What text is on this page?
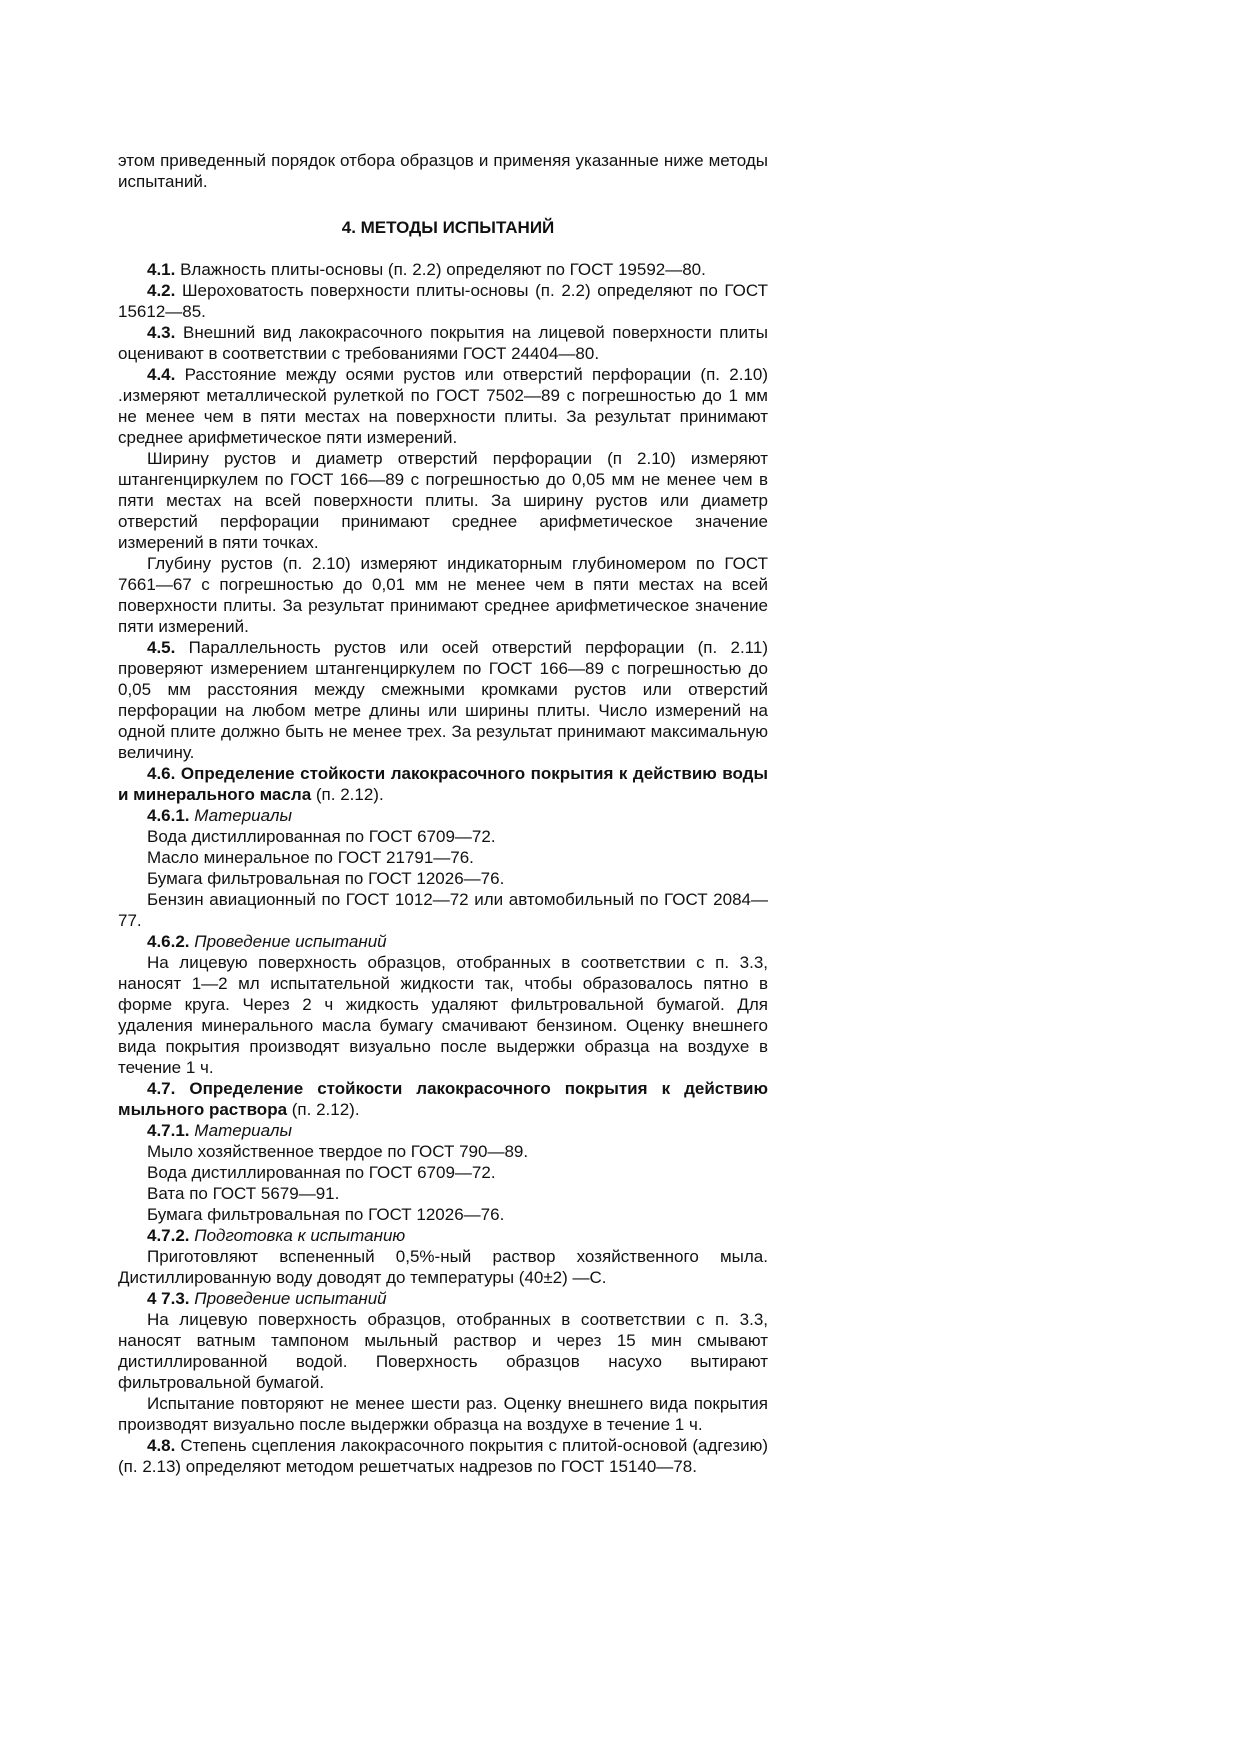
этом приведенный порядок отбора образцов и применяя указанные ниже методы испытаний.

4. МЕТОДЫ ИСПЫТАНИЙ

4.1. Влажность плиты-основы (п. 2.2) определяют по ГОСТ 19592—80.

4.2. Шероховатость поверхности плиты-основы (п. 2.2) определяют по ГОСТ 15612—85.

4.3. Внешний вид лакокрасочного покрытия на лицевой поверхности плиты оценивают в соответствии с требованиями ГОСТ 24404—80.

4.4. Расстояние между осями рустов или отверстий перфорации (п. 2.10) .измеряют металлической рулеткой по ГОСТ 7502—89 с погрешностью до 1 мм не менее чем в пяти местах на поверхности плиты. За результат принимают среднее арифметическое пяти измерений.

Ширину рустов и диаметр отверстий перфорации (п 2.10) измеряют штангенциркулем по ГОСТ 166—89 с погрешностью до 0,05 мм не менее чем в пяти местах на всей поверхности плиты. За ширину рустов или диаметр отверстий перфорации принимают среднее арифметическое значение измерений в пяти точках.

Глубину рустов (п. 2.10) измеряют индикаторным глубиномером по ГОСТ 7661—67 с погрешностью до 0,01 мм не менее чем в пяти местах на всей поверхности плиты. За результат принимают среднее арифметическое значение пяти измерений.

4.5. Параллельность рустов или осей отверстий перфорации (п. 2.11) проверяют измерением штангенциркулем по ГОСТ 166—89 с погрешностью до 0,05 мм расстояния между смежными кромками рустов или отверстий перфорации на любом метре длины или ширины плиты. Число измерений на одной плите должно быть не менее трех. За результат принимают максимальную величину.

4.6. Определение стойкости лакокрасочного покрытия к действию воды и минерального масла (п. 2.12).

4.6.1. Материалы

Вода дистиллированная по ГОСТ 6709—72.

Масло минеральное по ГОСТ 21791—76.

Бумага фильтровальная по ГОСТ 12026—76.

Бензин авиационный по ГОСТ 1012—72 или автомобильный по ГОСТ 2084—77.

4.6.2. Проведение испытаний

На лицевую поверхность образцов, отобранных в соответствии с п. 3.3, наносят 1—2 мл испытательной жидкости так, чтобы образовалось пятно в форме круга. Через 2 ч жидкость удаляют фильтровальной бумагой. Для удаления минерального масла бумагу смачивают бензином. Оценку внешнего вида покрытия производят визуально после выдержки образца на воздухе в течение 1 ч.

4.7. Определение стойкости лакокрасочного покрытия к действию мыльного раствора (п. 2.12).

4.7.1. Материалы

Мыло хозяйственное твердое по ГОСТ 790—89.

Вода дистиллированная по ГОСТ 6709—72.

Вата по ГОСТ 5679—91.

Бумага фильтровальная по ГОСТ 12026—76.

4.7.2. Подготовка к испытанию

Приготовляют вспененный 0,5%-ный раствор хозяйственного мыла. Дистиллированную воду доводят до температуры (40±2) —С.

4 7.3. Проведение испытаний

На лицевую поверхность образцов, отобранных в соответствии с п. 3.3, наносят ватным тампоном мыльный раствор и через 15 мин смывают дистиллированной водой. Поверхность образцов насухо вытирают фильтровальной бумагой.

Испытание повторяют не менее шести раз. Оценку внешнего вида покрытия производят визуально после выдержки образца на воздухе в течение 1 ч.

4.8. Степень сцепления лакокрасочного покрытия с плитой-основой (адгезию) (п. 2.13) определяют методом решетчатых надрезов по ГОСТ 15140—78.
